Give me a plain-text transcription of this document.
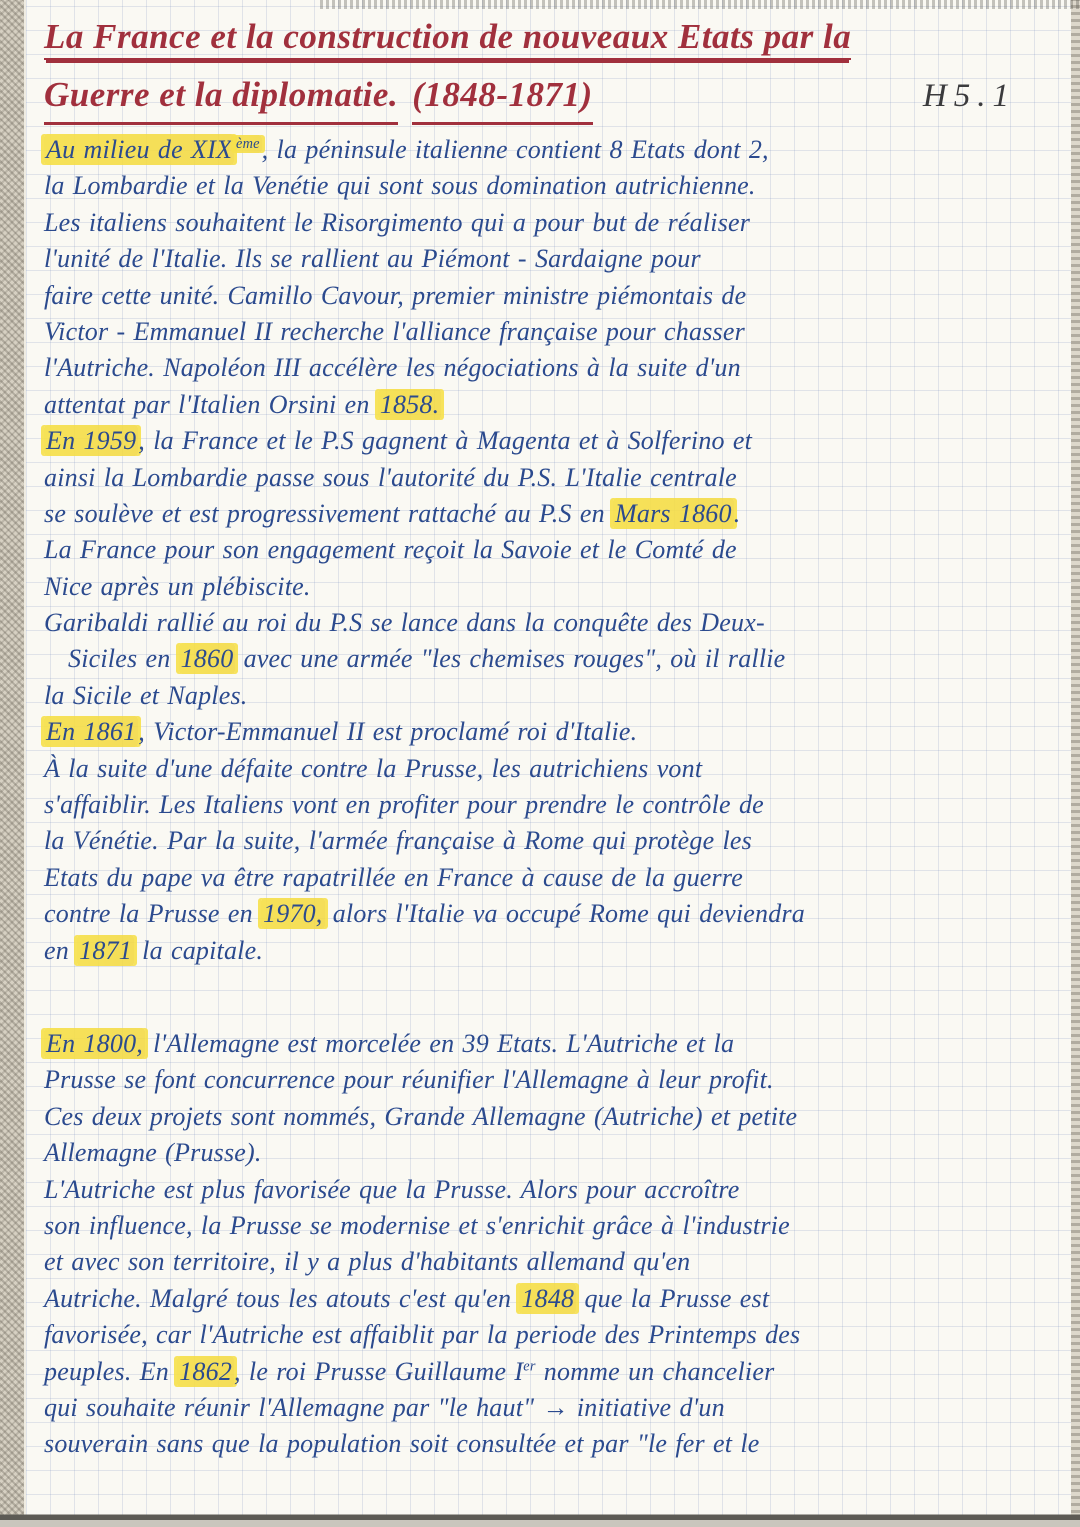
La France et la construction de nouveaux Etats par la
Guerre et la diplomatie. (1848-1871)	H5.1
Au milieu de XIX $^{ème}$, la péninsule italienne contient 8 Etats dont 2,
la Lombardie et la Venétie qui sont sous domination autrichienne.
Les italiens souhaitent le Risorgimento qui a pour but de réaliser
l'unité de l'Italie. Ils se rallient au Piémont - Sardaigne pour
faire cette unité. Camillo Cavour, premier ministre piémontais de
Victor - Emmanuel II recherche l'alliance française pour chasser
l'Autriche. Napoléon III accélère les négociations à la suite d'un
attentat par l'Italien Orsini en 1858.
En 1959, la France et le P.S gagnent à Magenta et à Solferino et
ainsi la Lombardie passe sous l'autorité du P.S. L'Italie centrale
se soulève et est progressivement rattaché au P.S en Mars 1860.
La France pour son engagement reçoit la Savoie et le Comté de
Nice après un plébiscite.
Garibaldi rallié au roi du P.S se lance dans la conquête des Deux-
Siciles en 1860 avec une armée "les chemises rouges", où il rallie
la Sicile et Naples.
En 1861, Victor-Emmanuel II est proclamé roi d'Italie.
À la suite d'une défaite contre la Prusse, les autrichiens vont
s'affaiblir. Les Italiens vont en profiter pour prendre le contrôle de
la Vénétie. Par la suite, l'armée française à Rome qui protège les
Etats du pape va être rapatrillée en France à cause de la guerre
contre la Prusse en 1970, alors l'Italie va occupé Rome qui deviendra
en 1871 la capitale.
En 1800, l'Allemagne est morcelée en 39 Etats. L'Autriche et la
Prusse se font concurrence pour réunifier l'Allemagne à leur profit.
Ces deux projets sont nommés, Grande Allemagne (Autriche) et petite
Allemagne (Prusse).
L'Autriche est plus favorisée que la Prusse. Alors pour accroître
son influence, la Prusse se modernise et s'enrichit grâce à l'industrie
et avec son territoire, il y a plus d'habitants allemand qu'en
Autriche. Malgré tous les atouts c'est qu'en 1848 que la Prusse est
favorisée, car l'Autriche est affaiblit par la periode des Printemps des
peuples. En 1862, le roi Prusse Guillaume Ier nomme un chancelier
qui souhaite réunir l'Allemagne par "le haut" → initiative d'un
souverain sans que la population soit consultée et par "le fer et le
